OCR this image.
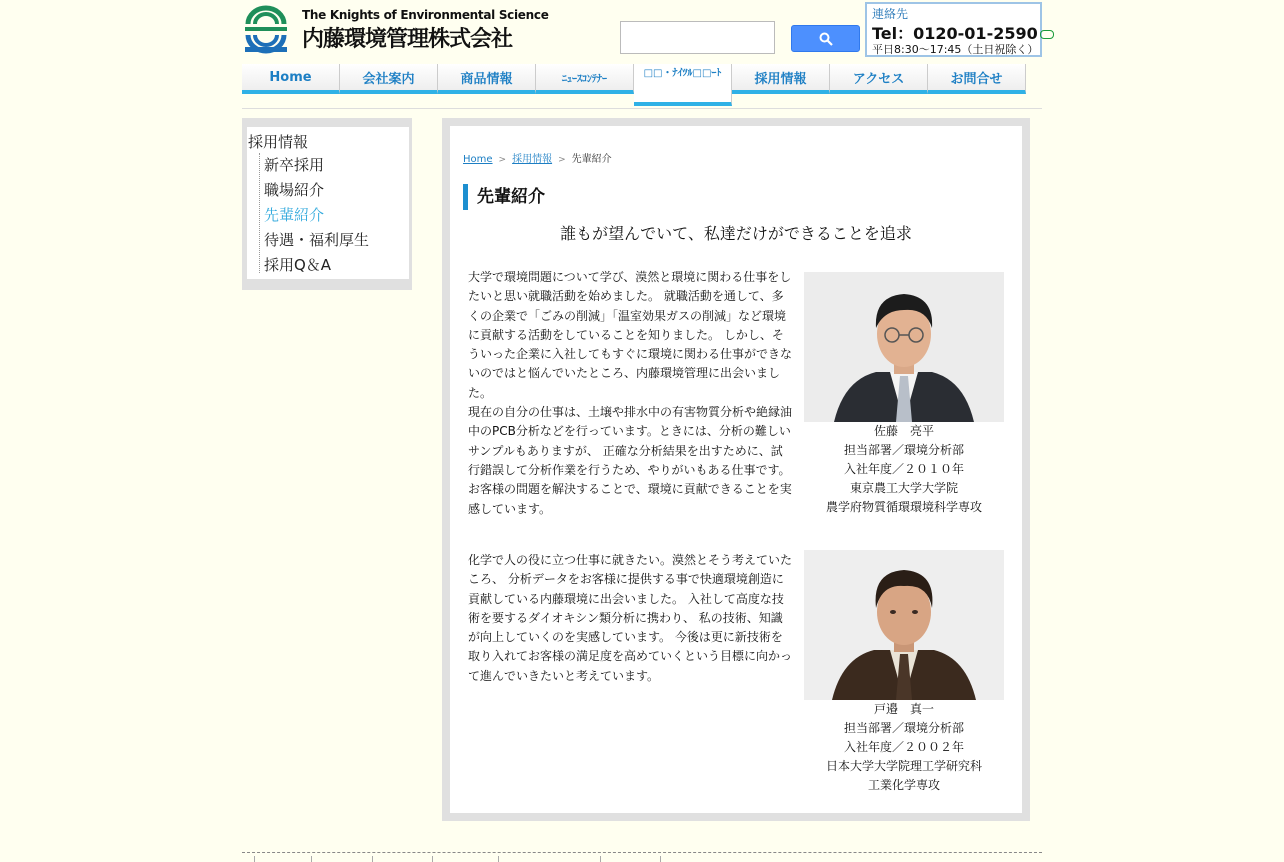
The Knights of Environmental Science
内藤環境管理株式会社
連絡先
Tel：0120-01-2590
平日8:30～17:45（土日祝除く）
Home	会社案内	商品情報	ﾆｭｰｽｺﾝﾃﾅｰ	□□・ﾅｲﾂﾙ□□ｰﾄ	採用情報	アクセス	お問合せ
採用情報
新卒採用
職場紹介
先輩紹介
待遇・福利厚生
採用Q＆A
Home > 採用情報 > 先輩紹介
先輩紹介
誰もが望んでいて、私達だけができることを追求
大学で環境問題について学び、漠然と環境に関わる仕事をしたいと思い就職活動を始めました。 就職活動を通して、多くの企業で「ごみの削減」「温室効果ガスの削減」など環境に貢献する活動をしていることを知りました。 しかし、そういった企業に入社してもすぐに環境に関わる仕事ができないのではと悩んでいたところ、内藤環境管理に出会いました。
現在の自分の仕事は、土壌や排水中の有害物質分析や絶縁油中のPCB分析などを行っています。ときには、分析の難しいサンプルもありますが、 正確な分析結果を出すために、試行錯誤して分析作業を行うため、やりがいもある仕事です。 お客様の問題を解決することで、環境に貢献できることを実感しています。
佐藤　亮平
担当部署／環境分析部
入社年度／２０１０年
東京農工大学大学院
農学府物質循環環境科学専攻
化学で人の役に立つ仕事に就きたい。漠然とそう考えていたころ、 分析データをお客様に提供する事で快適環境創造に貢献している内藤環境に出会いました。 入社して高度な技術を要するダイオキシン類分析に携わり、 私の技術、知識が向上していくのを実感しています。 今後は更に新技術を取り入れてお客様の満足度を高めていくという目標に向かって進んでいきたいと考えています。
戸邉　真一
担当部署／環境分析部
入社年度／２００２年
日本大学大学院理工学研究科
工業化学専攻
